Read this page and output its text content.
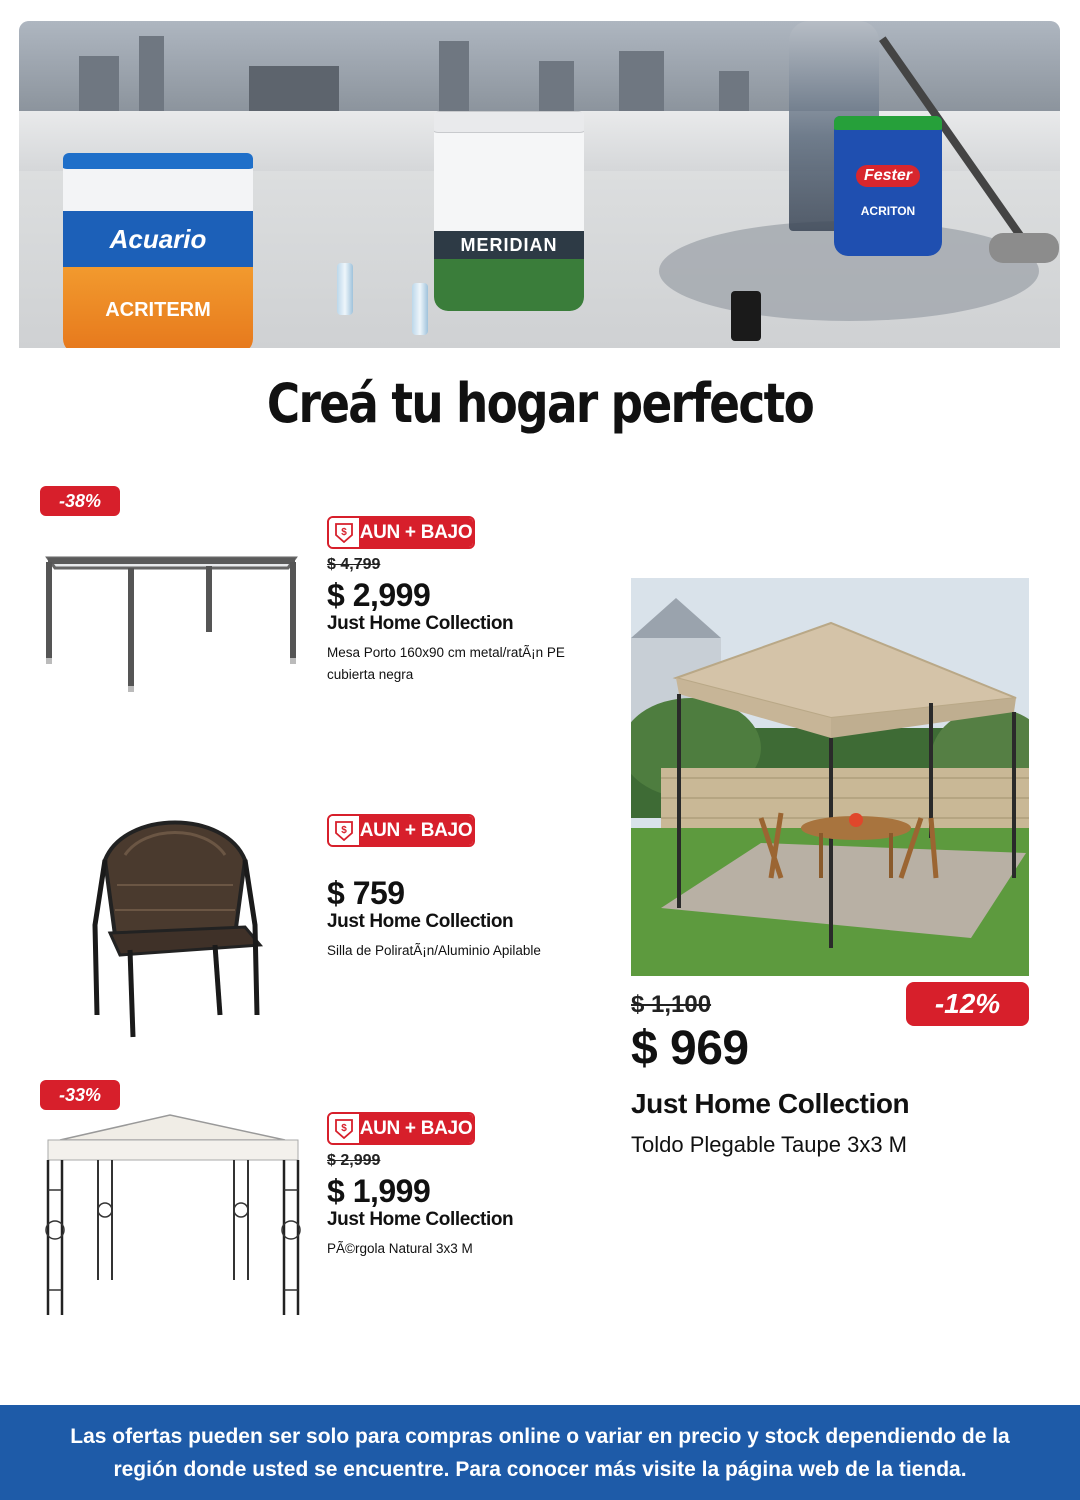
Acuario
ACRITERM
MERIDIAN
Fester
ACRITON
Creá tu hogar perfecto
-38%
$ AUN + BAJO
$ 4,799
$ 2,999
Just Home Collection
Mesa Porto 160x90 cm metal/ratÃ¡n PE cubierta negra
$ AUN + BAJO
$ 759
Just Home Collection
Silla de PoliratÃ¡n/Aluminio Apilable
-33%
$ AUN + BAJO
$ 2,999
$ 1,999
Just Home Collection
PÃ©rgola Natural 3x3 M
-12%
$ 1,100
$ 969
Just Home Collection
Toldo Plegable Taupe 3x3 M
Las ofertas pueden ser solo para compras online o variar en precio y stock dependiendo de la región donde usted se encuentre. Para conocer más visite la página web de la tienda.
